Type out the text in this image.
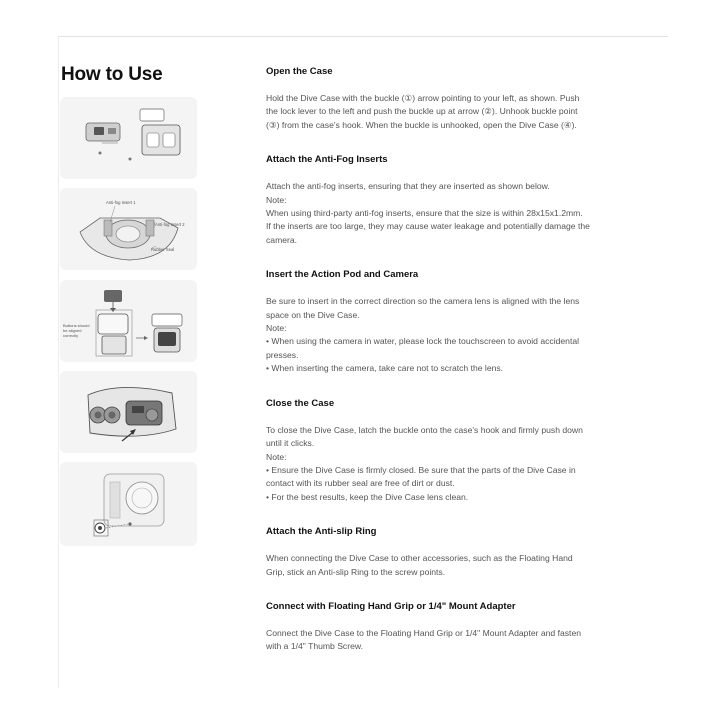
How to Use
Anti-fog Insert 1
Anti-fog Insert 2
Rubber Seal
Buttons should be aligned correctly

Open the Case

Hold the Dive Case with the buckle (①) arrow pointing to your left, as shown. Push
the lock lever to the left and push the buckle up at arrow (②). Unhook buckle point
(③) from the case's hook. When the buckle is unhooked, open the Dive Case (④).

Attach the Anti-Fog Inserts

Attach the anti-fog inserts, ensuring that they are inserted as shown below.
Note:
When using third-party anti-fog inserts, ensure that the size is within 28x15x1.2mm.
If the inserts are too large, they may cause water leakage and potentially damage the
camera.

Insert the Action Pod and Camera

Be sure to insert in the correct direction so the camera lens is aligned with the lens
space on the Dive Case.
Note:
• When using the camera in water, please lock the touchscreen to avoid accidental
presses.
• When inserting the camera, take care not to scratch the lens.

Close the Case

To close the Dive Case, latch the buckle onto the case's hook and firmly push down
until it clicks.
Note:
• Ensure the Dive Case is firmly closed. Be sure that the parts of the Dive Case in
contact with its rubber seal are free of dirt or dust.
• For the best results, keep the Dive Case lens clean.

Attach the Anti-slip Ring

When connecting the Dive Case to other accessories, such as the Floating Hand
Grip, stick an Anti-slip Ring to the screw points.

Connect with Floating Hand Grip or 1/4" Mount Adapter

Connect the Dive Case to the Floating Hand Grip or 1/4" Mount Adapter and fasten
with a 1/4" Thumb Screw.
